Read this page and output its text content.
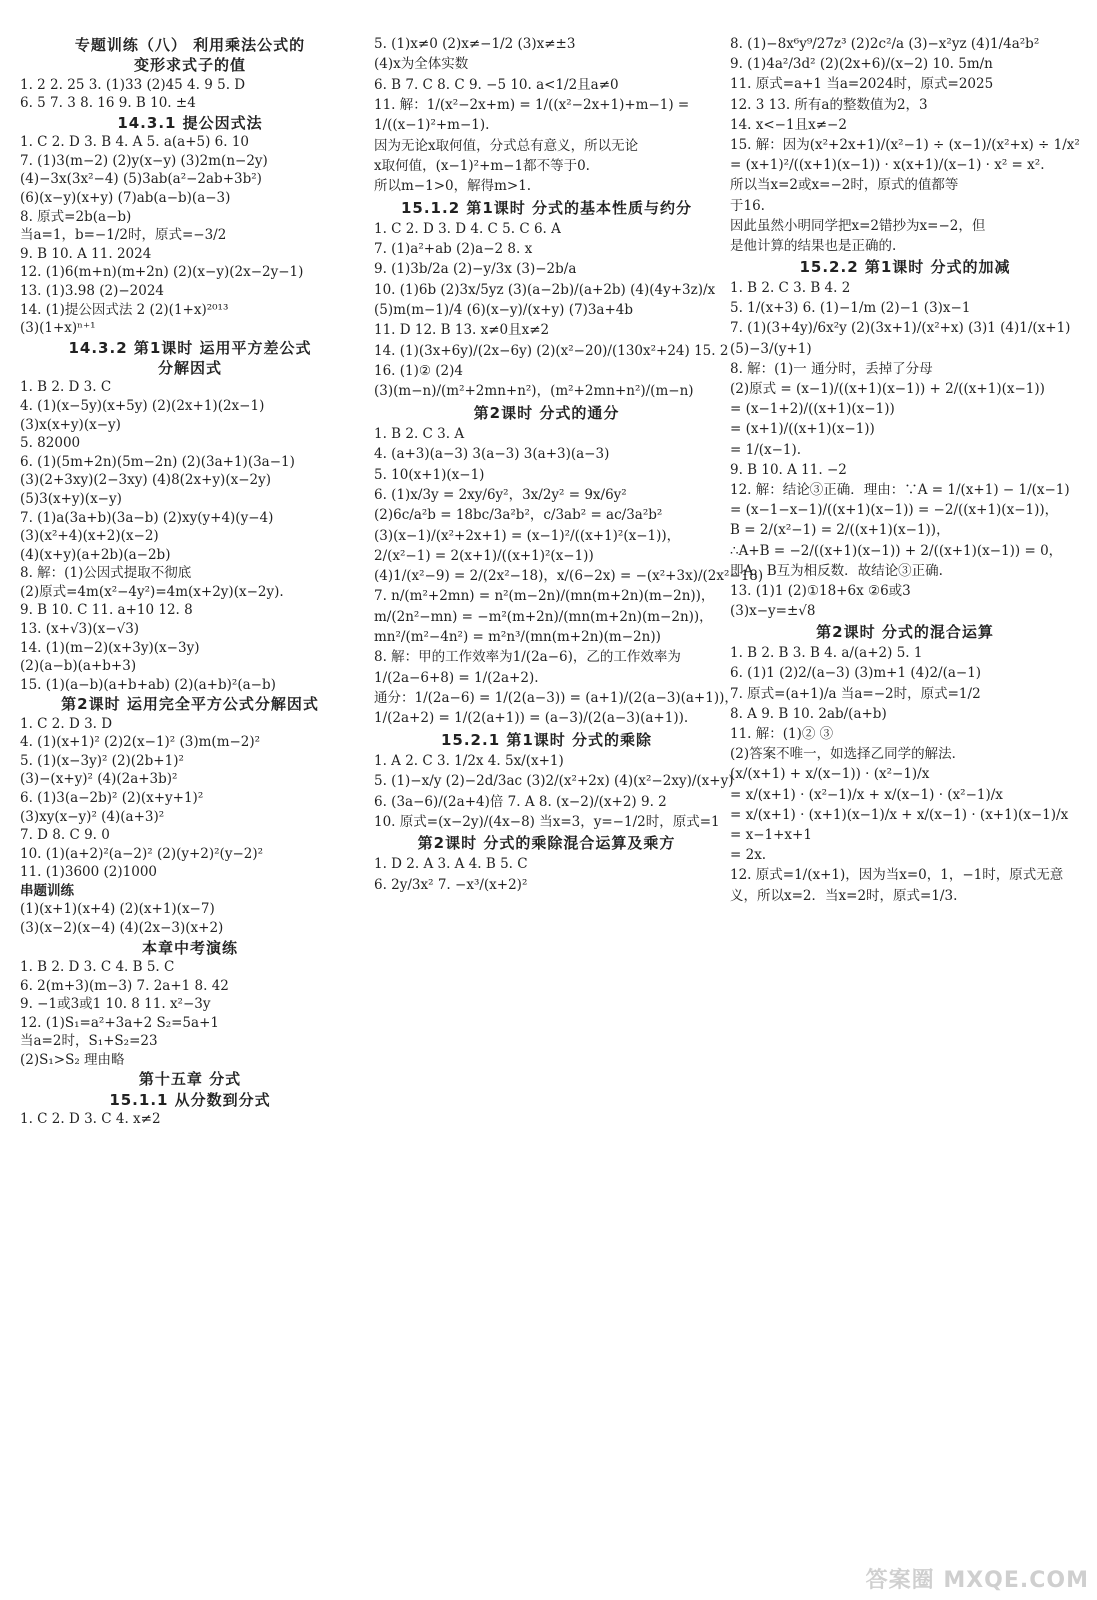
专题训练（八） 利用乘法公式的
变形求式子的值
1. 2 2. 25 3. (1)33 (2)45 4. 9 5. D
6. 5 7. 3 8. 16 9. B 10. ±4
14.3.1 提公因式法
1. C 2. D 3. B 4. A 5. a(a+5) 6. 10
7. (1)3(m−2) (2)y(x−y) (3)2m(n−2y)
(4)−3x(3x²−4) (5)3ab(a²−2ab+3b²)
(6)(x−y)(x+y) (7)ab(a−b)(a−3)
8. 原式=2b(a−b)
当a=1，b=−1/2时，原式=−3/2
9. B 10. A 11. 2024
12. (1)6(m+n)(m+2n) (2)(x−y)(2x−2y−1)
13. (1)3.98 (2)−2024
14. (1)提公因式法 2 (2)(1+x)²⁰¹³
(3)(1+x)ⁿ⁺¹
14.3.2 第1课时 运用平方差公式
分解因式
1. B 2. D 3. C
4. (1)(x−5y)(x+5y) (2)(2x+1)(2x−1)
(3)x(x+y)(x−y)
5. 82000
6. (1)(5m+2n)(5m−2n) (2)(3a+1)(3a−1)
(3)(2+3xy)(2−3xy) (4)8(2x+y)(x−2y)
(5)3(x+y)(x−y)
7. (1)a(3a+b)(3a−b) (2)xy(y+4)(y−4)
(3)(x²+4)(x+2)(x−2)
(4)(x+y)(a+2b)(a−2b)
8. 解：(1)公因式提取不彻底
(2)原式=4m(x²−4y²)=4m(x+2y)(x−2y).
9. B 10. C 11. a+10 12. 8
13. (x+√3)(x−√3)
14. (1)(m−2)(x+3y)(x−3y)
(2)(a−b)(a+b+3)
15. (1)(a−b)(a+b+ab) (2)(a+b)²(a−b)
第2课时 运用完全平方公式分解因式
1. C 2. D 3. D
4. (1)(x+1)² (2)2(x−1)² (3)m(m−2)²
5. (1)(x−3y)² (2)(2b+1)²
(3)−(x+y)² (4)(2a+3b)²
6. (1)3(a−2b)² (2)(x+y+1)²
(3)xy(x−y)² (4)(a+3)²
7. D 8. C 9. 0
10. (1)(a+2)²(a−2)² (2)(y+2)²(y−2)²
11. (1)3600 (2)1000
串题训练
(1)(x+1)(x+4) (2)(x+1)(x−7)
(3)(x−2)(x−4) (4)(2x−3)(x+2)
本章中考演练
1. B 2. D 3. C 4. B 5. C
6. 2(m+3)(m−3) 7. 2a+1 8. 42
9. −1或3或1 10. 8 11. x²−3y
12. (1)S₁=a²+3a+2 S₂=5a+1
当a=2时，S₁+S₂=23
(2)S₁>S₂ 理由略
第十五章 分式
15.1.1 从分数到分式
1. C 2. D 3. C 4. x≠2
5. (1)x≠0 (2)x≠−1/2 (3)x≠±3
(4)x为全体实数
6. B 7. C 8. C 9. −5 10. a<1/2且a≠0
11. 解：1/(x²−2x+m) = 1/((x²−2x+1)+m−1) =
1/((x−1)²+m−1).
因为无论x取何值，分式总有意义，所以无论
x取何值，(x−1)²+m−1都不等于0.
所以m−1>0，解得m>1.
15.1.2 第1课时 分式的基本性质与约分
1. C 2. D 3. D 4. C 5. C 6. A
7. (1)a²+ab (2)a−2 8. x
9. (1)3b/2a (2)−y/3x (3)−2b/a
10. (1)6b (2)3x/5yz (3)(a−2b)/(a+2b) (4)(4y+3z)/x
(5)m(m−1)/4 (6)(x−y)/(x+y) (7)3a+4b
11. D 12. B 13. x≠0且x≠2
14. (1)(3x+6y)/(2x−6y) (2)(x²−20)/(130x²+24) 15. 2
16. (1)② (2)4
(3)(m−n)/(m²+2mn+n²)，(m²+2mn+n²)/(m−n)
第2课时 分式的通分
1. B 2. C 3. A
4. (a+3)(a−3) 3(a−3) 3(a+3)(a−3)
5. 10(x+1)(x−1)
6. (1)x/3y = 2xy/6y²，3x/2y² = 9x/6y²
(2)6c/a²b = 18bc/3a²b²，c/3ab² = ac/3a²b²
(3)(x−1)/(x²+2x+1) = (x−1)²/((x+1)²(x−1))，
2/(x²−1) = 2(x+1)/((x+1)²(x−1))
(4)1/(x²−9) = 2/(2x²−18)，x/(6−2x) = −(x²+3x)/(2x²−18)
7. n/(m²+2mn) = n²(m−2n)/(mn(m+2n)(m−2n))，
m/(2n²−mn) = −m²(m+2n)/(mn(m+2n)(m−2n))，
mn²/(m²−4n²) = m²n³/(mn(m+2n)(m−2n))
8. 解：甲的工作效率为1/(2a−6)，乙的工作效率为
1/(2a−6+8) = 1/(2a+2).
通分：1/(2a−6) = 1/(2(a−3)) = (a+1)/(2(a−3)(a+1))，
1/(2a+2) = 1/(2(a+1)) = (a−3)/(2(a−3)(a+1)).
15.2.1 第1课时 分式的乘除
1. A 2. C 3. 1/2x 4. 5x/(x+1)
5. (1)−x/y (2)−2d/3ac (3)2/(x²+2x) (4)(x²−2xy)/(x+y)
6. (3a−6)/(2a+4)倍 7. A 8. (x−2)/(x+2) 9. 2
10. 原式=(x−2y)/(4x−8) 当x=3，y=−1/2时，原式=1
第2课时 分式的乘除混合运算及乘方
1. D 2. A 3. A 4. B 5. C
6. 2y/3x² 7. −x³/(x+2)²
8. (1)−8x⁶y⁹/27z³ (2)2c²/a (3)−x²yz (4)1/4a²b²
9. (1)4a²/3d² (2)(2x+6)/(x−2) 10. 5m/n
11. 原式=a+1 当a=2024时，原式=2025
12. 3 13. 所有a的整数值为2，3
14. x<−1且x≠−2
15. 解：因为(x²+2x+1)/(x²−1) ÷ (x−1)/(x²+x) ÷ 1/x²
= (x+1)²/((x+1)(x−1)) · x(x+1)/(x−1) · x² = x².
所以当x=2或x=−2时，原式的值都等
于16.
因此虽然小明同学把x=2错抄为x=−2，但
是他计算的结果也是正确的.
15.2.2 第1课时 分式的加减
1. B 2. C 3. B 4. 2
5. 1/(x+3) 6. (1)−1/m (2)−1 (3)x−1
7. (1)(3+4y)/6x²y (2)(3x+1)/(x²+x) (3)1 (4)1/(x+1)
(5)−3/(y+1)
8. 解：(1)一 通分时，丢掉了分母
(2)原式 = (x−1)/((x+1)(x−1)) + 2/((x+1)(x−1))
= (x−1+2)/((x+1)(x−1))
= (x+1)/((x+1)(x−1))
= 1/(x−1).
9. B 10. A 11. −2
12. 解：结论③正确．理由：∵A = 1/(x+1) − 1/(x−1)
= (x−1−x−1)/((x+1)(x−1)) = −2/((x+1)(x−1))，
B = 2/(x²−1) = 2/((x+1)(x−1))，
∴A+B = −2/((x+1)(x−1)) + 2/((x+1)(x−1)) = 0，
即A，B互为相反数．故结论③正确.
13. (1)1 (2)①18+6x ②6或3
(3)x−y=±√8
第2课时 分式的混合运算
1. B 2. B 3. B 4. a/(a+2) 5. 1
6. (1)1 (2)2/(a−3) (3)m+1 (4)2/(a−1)
7. 原式=(a+1)/a 当a=−2时，原式=1/2
8. A 9. B 10. 2ab/(a+b)
11. 解：(1)② ③
(2)答案不唯一，如选择乙同学的解法．
(x/(x+1) + x/(x−1)) · (x²−1)/x
= x/(x+1) · (x²−1)/x + x/(x−1) · (x²−1)/x
= x/(x+1) · (x+1)(x−1)/x + x/(x−1) · (x+1)(x−1)/x
= x−1+x+1
= 2x.
12. 原式=1/(x+1)，因为当x=0，1，−1时，原式无意
义，所以x=2．当x=2时，原式=1/3.
答案圈 MXQE.COM
